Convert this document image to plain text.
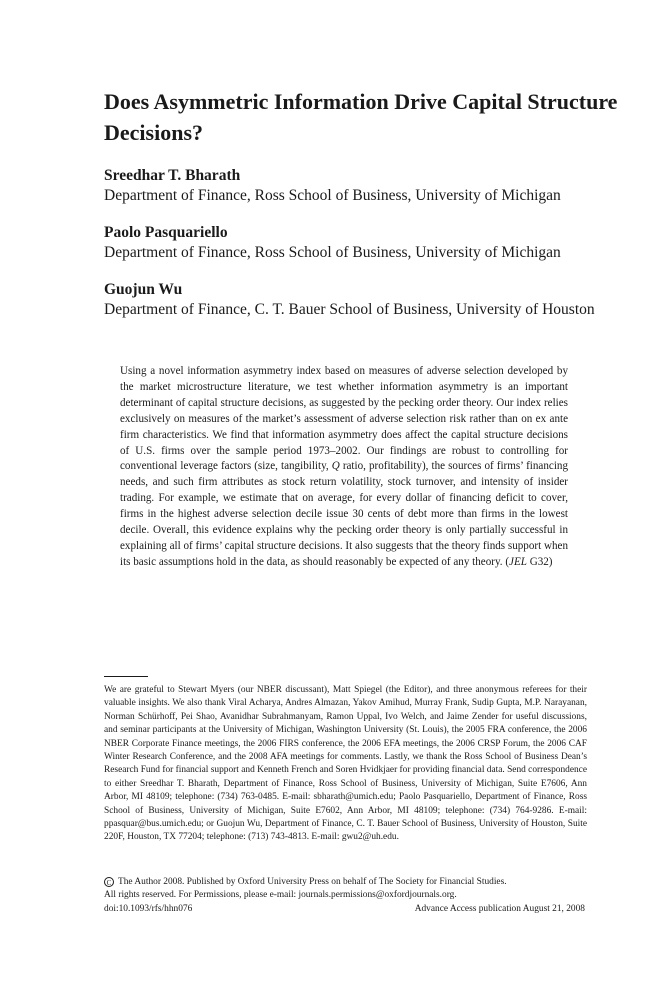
Does Asymmetric Information Drive Capital Structure Decisions?
Sreedhar T. Bharath
Department of Finance, Ross School of Business, University of Michigan
Paolo Pasquariello
Department of Finance, Ross School of Business, University of Michigan
Guojun Wu
Department of Finance, C. T. Bauer School of Business, University of Houston

Using a novel information asymmetry index based on measures of adverse selection developed by the market microstructure literature, we test whether information asymmetry is an important determinant of capital structure decisions, as suggested by the pecking order theory. Our index relies exclusively on measures of the market’s assessment of adverse selection risk rather than on ex ante firm characteristics. We find that information asymmetry does affect the capital structure decisions of U.S. firms over the sample period 1973–2002. Our findings are robust to controlling for conventional leverage factors (size, tangibility, Q ratio, profitability), the sources of firms’ financing needs, and such firm attributes as stock return volatility, stock turnover, and intensity of insider trading. For example, we estimate that on average, for every dollar of financing deficit to cover, firms in the highest adverse selection decile issue 30 cents of debt more than firms in the lowest decile. Overall, this evidence explains why the pecking order theory is only partially successful in explaining all of firms’ capital structure decisions. It also suggests that the theory finds support when its basic assumptions hold in the data, as should reasonably be expected of any theory. (JEL G32)

We are grateful to Stewart Myers (our NBER discussant), Matt Spiegel (the Editor), and three anonymous referees for their valuable insights. We also thank Viral Acharya, Andres Almazan, Yakov Amihud, Murray Frank, Sudip Gupta, M.P. Narayanan, Norman Schürhoff, Pei Shao, Avanidhar Subrahmanyam, Ramon Uppal, Ivo Welch, and Jaime Zender for useful discussions, and seminar participants at the University of Michigan, Washington University (St. Louis), the 2005 FRA conference, the 2006 NBER Corporate Finance meetings, the 2006 FIRS conference, the 2006 EFA meetings, the 2006 CRSP Forum, the 2006 CAF Winter Research Conference, and the 2008 AFA meetings for comments. Lastly, we thank the Ross School of Business Dean’s Research Fund for financial support and Kenneth French and Soren Hvidkjaer for providing financial data. Send correspondence to either Sreedhar T. Bharath, Department of Finance, Ross School of Business, University of Michigan, Suite E7606, Ann Arbor, MI 48109; telephone: (734) 763-0485. E-mail: sbharath@umich.edu; Paolo Pasquariello, Department of Finance, Ross School of Business, University of Michigan, Suite E7602, Ann Arbor, MI 48109; telephone: (734) 764-9286. E-mail: ppasquar@bus.umich.edu; or Guojun Wu, Department of Finance, C. T. Bauer School of Business, University of Houston, Suite 220F, Houston, TX 77204; telephone: (713) 743-4813. E-mail: gwu2@uh.edu.

C The Author 2008. Published by Oxford University Press on behalf of The Society for Financial Studies.
All rights reserved. For Permissions, please e-mail: journals.permissions@oxfordjournals.org.
doi:10.1093/rfs/hhn076	Advance Access publication August 21, 2008
